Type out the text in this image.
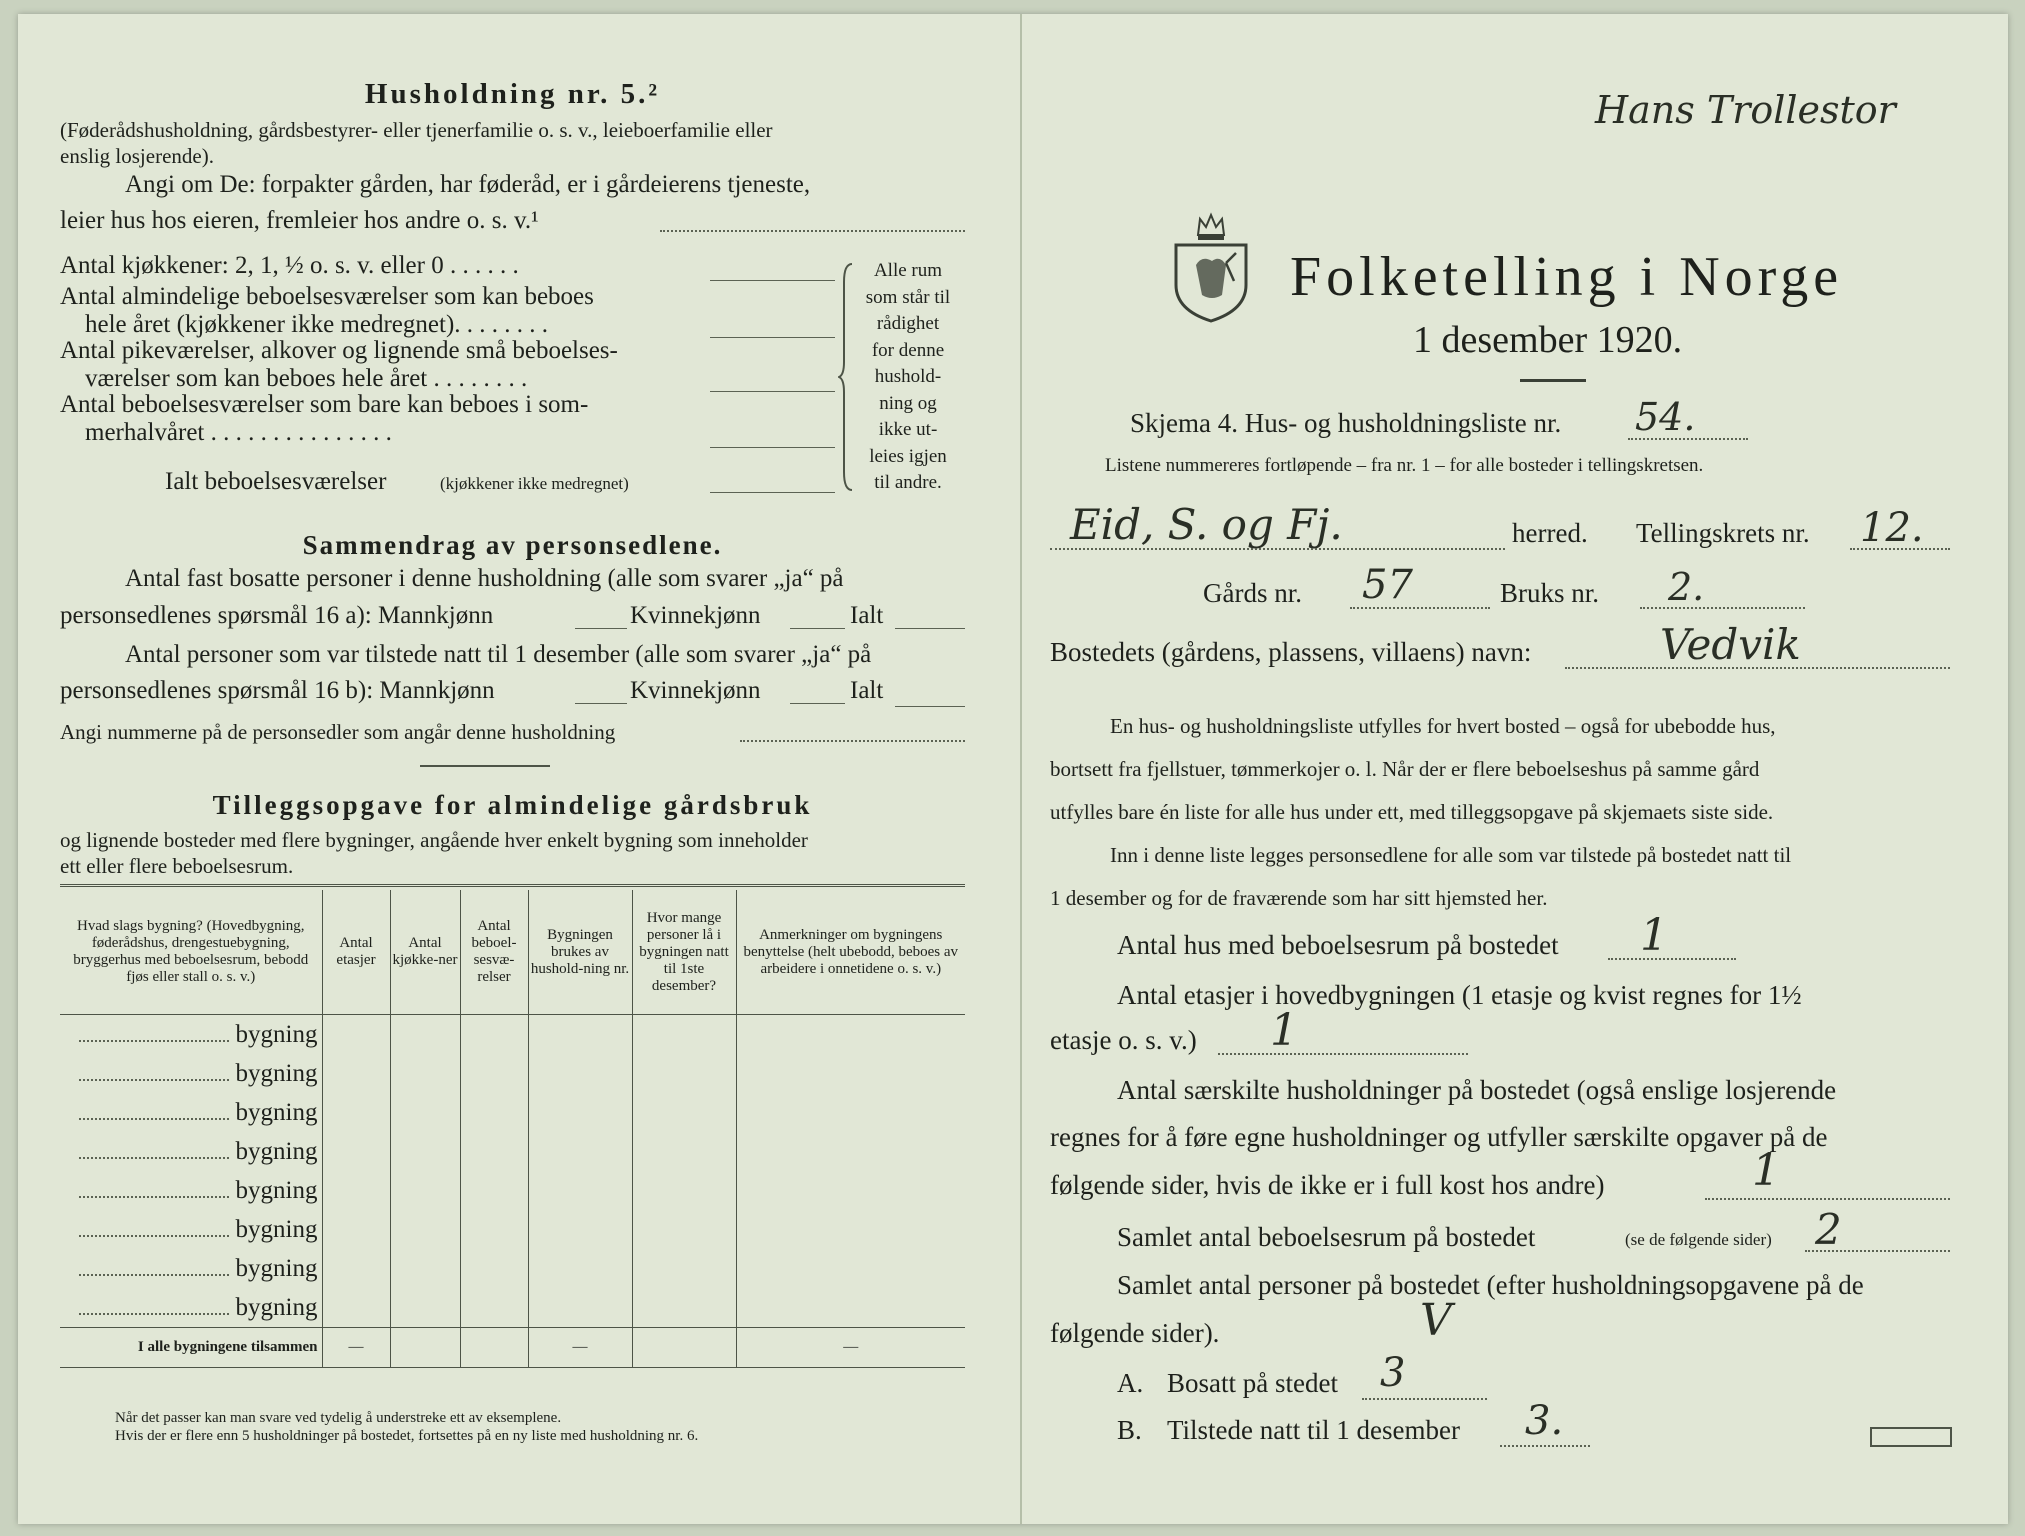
Husholdning nr. 5.²
(Føderådshusholdning, gårdsbestyrer- eller tjenerfamilie o. s. v., leieboerfamilie eller
enslig losjerende).
Angi om De: forpakter gården, har føderåd, er i gårdeierens tjeneste,
leier hus hos eieren, fremleier hos andre o. s. v.¹
Antal kjøkkener: 2, 1, ½ o. s. v. eller 0 . . . . . .
Antal almindelige beboelsesværelser som kan beboes
hele året (kjøkkener ikke medregnet). . . . . . . .
Antal pikeværelser, alkover og lignende små beboelses-
værelser som kan beboes hele året . . . . . . . .
Antal beboelsesværelser som bare kan beboes i som-
merhalvåret . . . . . . . . . . . . . . .
Ialt beboelsesværelser	(kjøkkener ikke medregnet)
Alle rum
som står til
rådighet
for denne
hushold-
ning og
ikke ut-
leies igjen
til andre.
Sammendrag av personsedlene.
Antal fast bosatte personer i denne husholdning (alle som svarer „ja“ på
personsedlenes spørsmål 16 a): Mannkjønn	Kvinnekjønn	Ialt
Antal personer som var tilstede natt til 1 desember (alle som svarer „ja“ på
personsedlenes spørsmål 16 b): Mannkjønn	Kvinnekjønn	Ialt
Angi nummerne på de personsedler som angår denne husholdning
Tilleggsopgave for almindelige gårdsbruk
og lignende bosteder med flere bygninger, angående hver enkelt bygning som inneholder
ett eller flere beboelsesrum.
Hvad slags bygning? (Hovedbygning, føderådshus, drengestuebygning, bryggerhus med beboelsesrum, bebodd fjøs eller stall o. s. v.)	Antal etasjer	Antal kjøkke-ner	Antal beboel-sesvæ-relser	Bygningen brukes av hushold-ning nr.	Hvor mange personer lå i bygningen natt til 1ste desember?	Anmerkninger om bygningens benyttelse (helt ubebodd, beboes av arbeidere i onnetidene o. s. v.)
bygning						
bygning						
bygning						
bygning						
bygning						
bygning						
bygning						
bygning						
I alle bygningene tilsammen	—			—		—
Når det passer kan man svare ved tydelig å understreke ett av eksemplene.
Hvis der er flere enn 5 husholdninger på bostedet, fortsettes på en ny liste med husholdning nr. 6.
Hans Trollestor
Folketelling i Norge
1 desember 1920.
Skjema 4. Hus- og husholdningsliste nr. 54.
Listene nummereres fortløpende – fra nr. 1 – for alle bosteder i tellingskretsen.
Eid, S. og Fj.	herred. Tellingskrets nr. 12.
Gårds nr. 57	Bruks nr. 2.
Bostedets (gårdens, plassens, villaens) navn:	Vedvik
En hus- og husholdningsliste utfylles for hvert bosted – også for ubebodde hus,
bortsett fra fjellstuer, tømmerkojer o. l. Når der er flere beboelseshus på samme gård
utfylles bare én liste for alle hus under ett, med tilleggsopgave på skjemaets siste side.
Inn i denne liste legges personsedlene for alle som var tilstede på bostedet natt til
1 desember og for de fraværende som har sitt hjemsted her.
Antal hus med beboelsesrum på bostedet 1
Antal etasjer i hovedbygningen (1 etasje og kvist regnes for 1½
etasje o. s. v.) 1
Antal særskilte husholdninger på bostedet (også enslige losjerende
regnes for å føre egne husholdninger og utfyller særskilte opgaver på de
følgende sider, hvis de ikke er i full kost hos andre)	1
Samlet antal beboelsesrum på bostedet	(se de følgende sider) 2
Samlet antal personer på bostedet (efter husholdningsopgavene på de
følgende sider).	V
A. Bosatt på stedet 3
B. Tilstede natt til 1 desember 3.
